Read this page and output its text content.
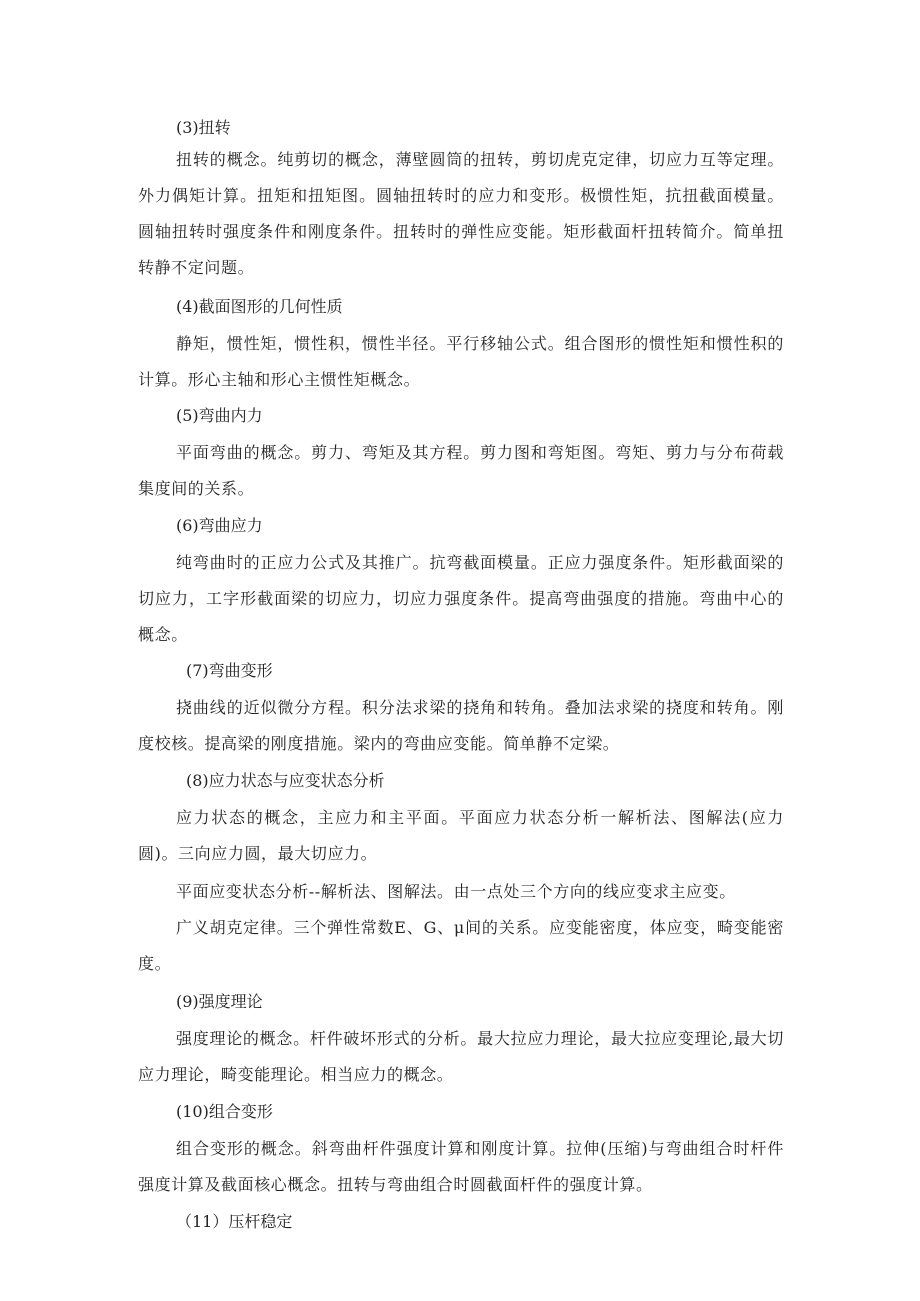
(3)扭转

扭转的概念。纯剪切的概念，薄壁圆筒的扭转，剪切虎克定律，切应力互等定理。外力偶矩计算。扭矩和扭矩图。圆轴扭转时的应力和变形。极惯性矩，抗扭截面模量。圆轴扭转时强度条件和刚度条件。扭转时的弹性应变能。矩形截面杆扭转简介。简单扭转静不定问题。

(4)截面图形的几何性质

静矩，惯性矩，惯性积，惯性半径。平行移轴公式。组合图形的惯性矩和惯性积的计算。形心主轴和形心主惯性矩概念。

(5)弯曲内力

平面弯曲的概念。剪力、弯矩及其方程。剪力图和弯矩图。弯矩、剪力与分布荷载集度间的关系。

(6)弯曲应力

纯弯曲时的正应力公式及其推广。抗弯截面模量。正应力强度条件。矩形截面梁的切应力，工字形截面梁的切应力，切应力强度条件。提高弯曲强度的措施。弯曲中心的概念。

(7)弯曲变形

挠曲线的近似微分方程。积分法求梁的挠角和转角。叠加法求梁的挠度和转角。刚度校核。提高梁的刚度措施。梁内的弯曲应变能。简单静不定梁。

(8)应力状态与应变状态分析

应力状态的概念，主应力和主平面。平面应力状态分析一解析法、图解法(应力圆)。三向应力圆，最大切应力。

平面应变状态分析--解析法、图解法。由一点处三个方向的线应变求主应变。

广义胡克定律。三个弹性常数E、G、μ间的关系。应变能密度，体应变，畸变能密度。

(9)强度理论

强度理论的概念。杆件破坏形式的分析。最大拉应力理论，最大拉应变理论,最大切应力理论，畸变能理论。相当应力的概念。

(10)组合变形

组合变形的概念。斜弯曲杆件强度计算和刚度计算。拉伸(压缩)与弯曲组合时杆件强度计算及截面核心概念。扭转与弯曲组合时圆截面杆件的强度计算。

（11）压杆稳定
